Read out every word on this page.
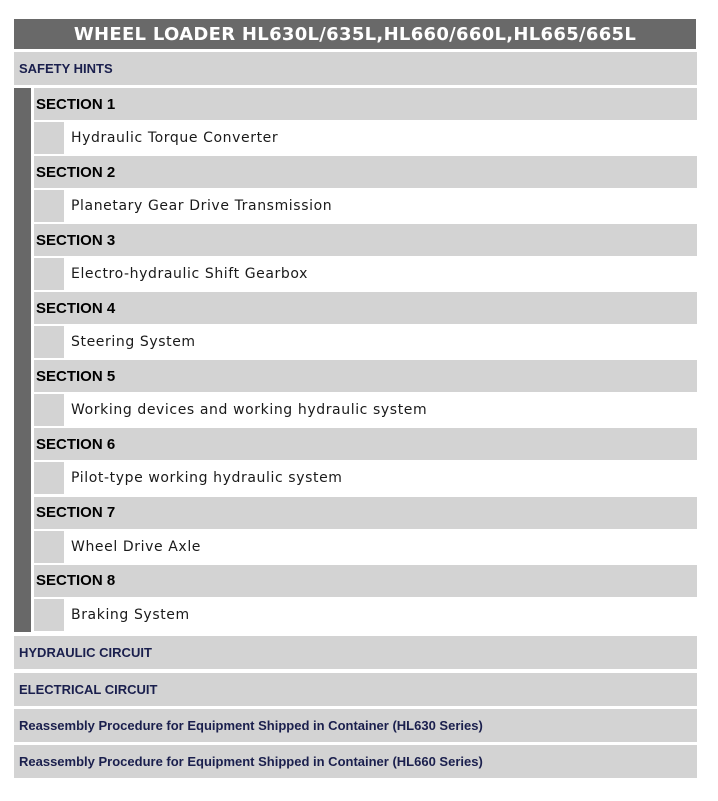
WHEEL LOADER HL630L/635L,HL660/660L,HL665/665L
SAFETY HINTS
SECTION 1
Hydraulic Torque Converter
SECTION 2
Planetary Gear Drive Transmission
SECTION 3
Electro-hydraulic Shift Gearbox
SECTION 4
Steering System
SECTION 5
Working devices and working hydraulic system
SECTION 6
Pilot-type working hydraulic system
SECTION 7
Wheel Drive Axle
SECTION 8
Braking System
HYDRAULIC CIRCUIT
ELECTRICAL CIRCUIT
Reassembly Procedure for Equipment Shipped in Container (HL630 Series)
Reassembly Procedure for Equipment Shipped in Container (HL660 Series)
